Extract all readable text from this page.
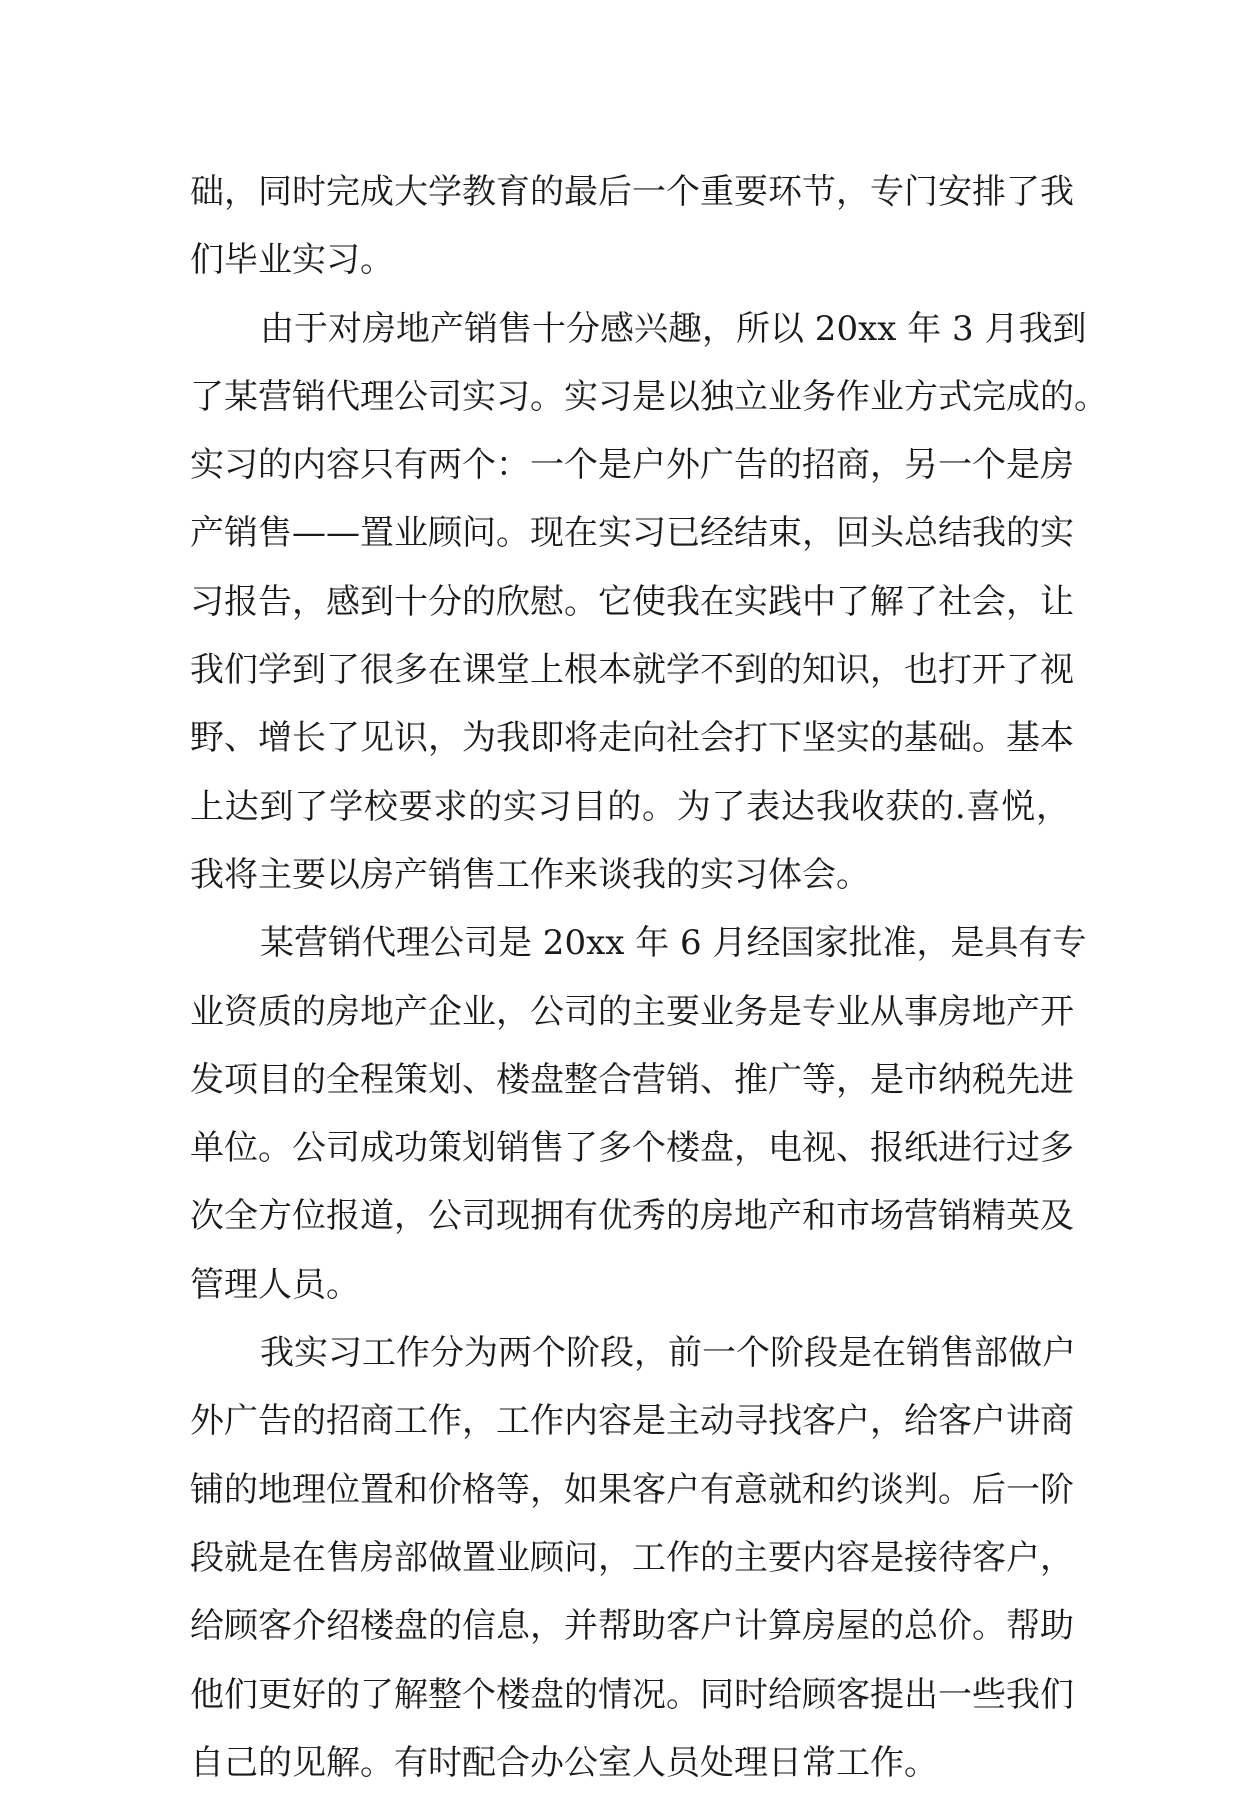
础，同时完成大学教育的最后一个重要环节，专门安排了我
们毕业实习。
由于对房地产销售十分感兴趣，所以 20xx 年 3 月我到
了某营销代理公司实习。实习是以独立业务作业方式完成的。
实习的内容只有两个：一个是户外广告的招商，另一个是房
产销售——置业顾问。现在实习已经结束，回头总结我的实
习报告，感到十分的欣慰。它使我在实践中了解了社会，让
我们学到了很多在课堂上根本就学不到的知识，也打开了视
野、增长了见识，为我即将走向社会打下坚实的基础。基本
上达到了学校要求的实习目的。为了表达我收获的.喜悦，
我将主要以房产销售工作来谈我的实习体会。
某营销代理公司是 20xx 年 6 月经国家批准，是具有专
业资质的房地产企业，公司的主要业务是专业从事房地产开
发项目的全程策划、楼盘整合营销、推广等，是市纳税先进
单位。公司成功策划销售了多个楼盘，电视、报纸进行过多
次全方位报道，公司现拥有优秀的房地产和市场营销精英及
管理人员。
我实习工作分为两个阶段，前一个阶段是在销售部做户
外广告的招商工作，工作内容是主动寻找客户，给客户讲商
铺的地理位置和价格等，如果客户有意就和约谈判。后一阶
段就是在售房部做置业顾问，工作的主要内容是接待客户，
给顾客介绍楼盘的信息，并帮助客户计算房屋的总价。帮助
他们更好的了解整个楼盘的情况。同时给顾客提出一些我们
自己的见解。有时配合办公室人员处理日常工作。
